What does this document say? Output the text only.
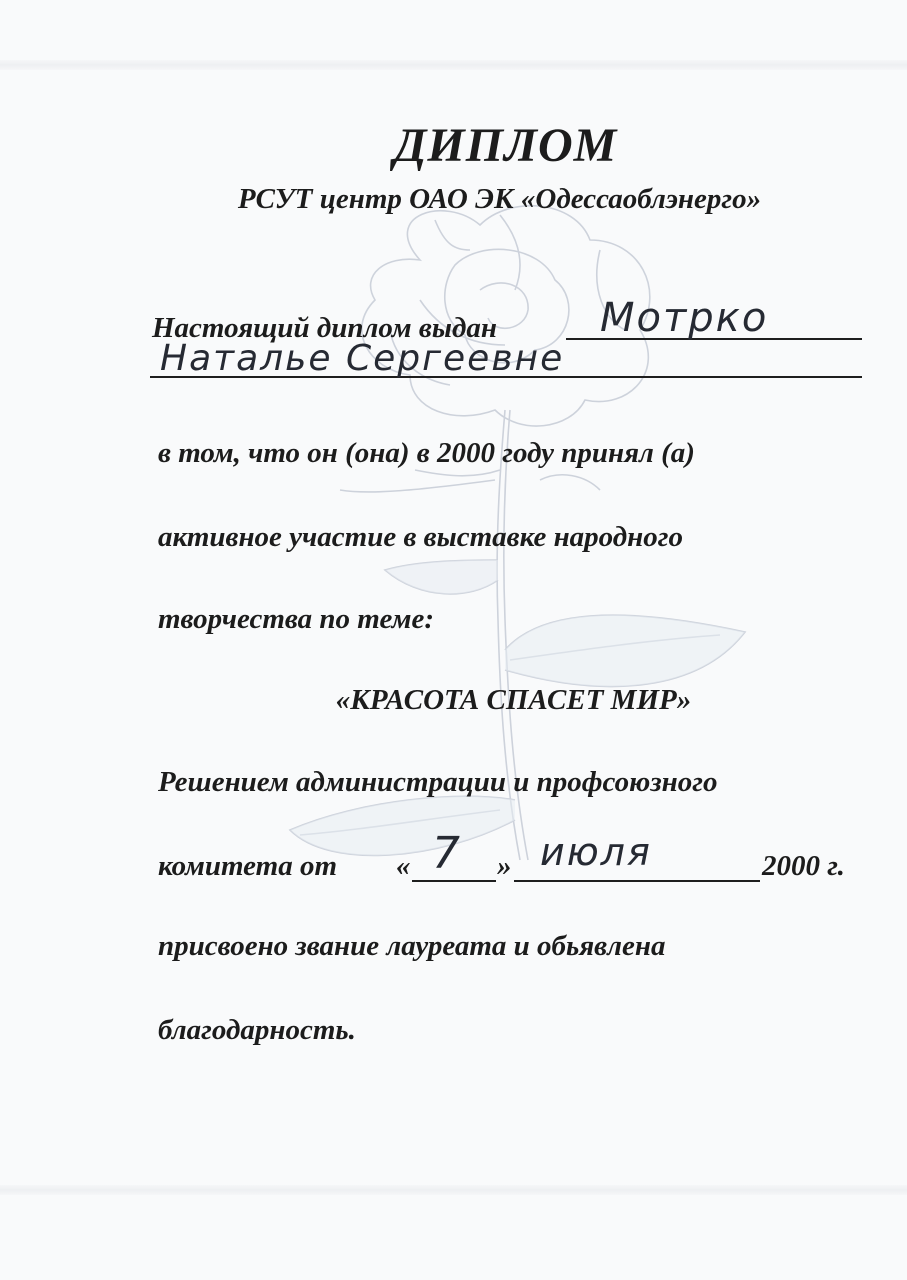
ДИПЛОМ
РСУТ центр ОАО ЭК «Одессаоблэнерго»
Настоящий диплом выдан	Мотрко
Натальe Сергеевне
в том, что он (она) в 2000 году принял (а)
активное участие в выставке народного
творчества по теме:
«КРАСОТА СПАСЕТ МИР»
Решением администрации и профсоюзного
комитета от « 7 » июля	2000 г.
присвоено звание лауреата и обьявлена
благодарность.
